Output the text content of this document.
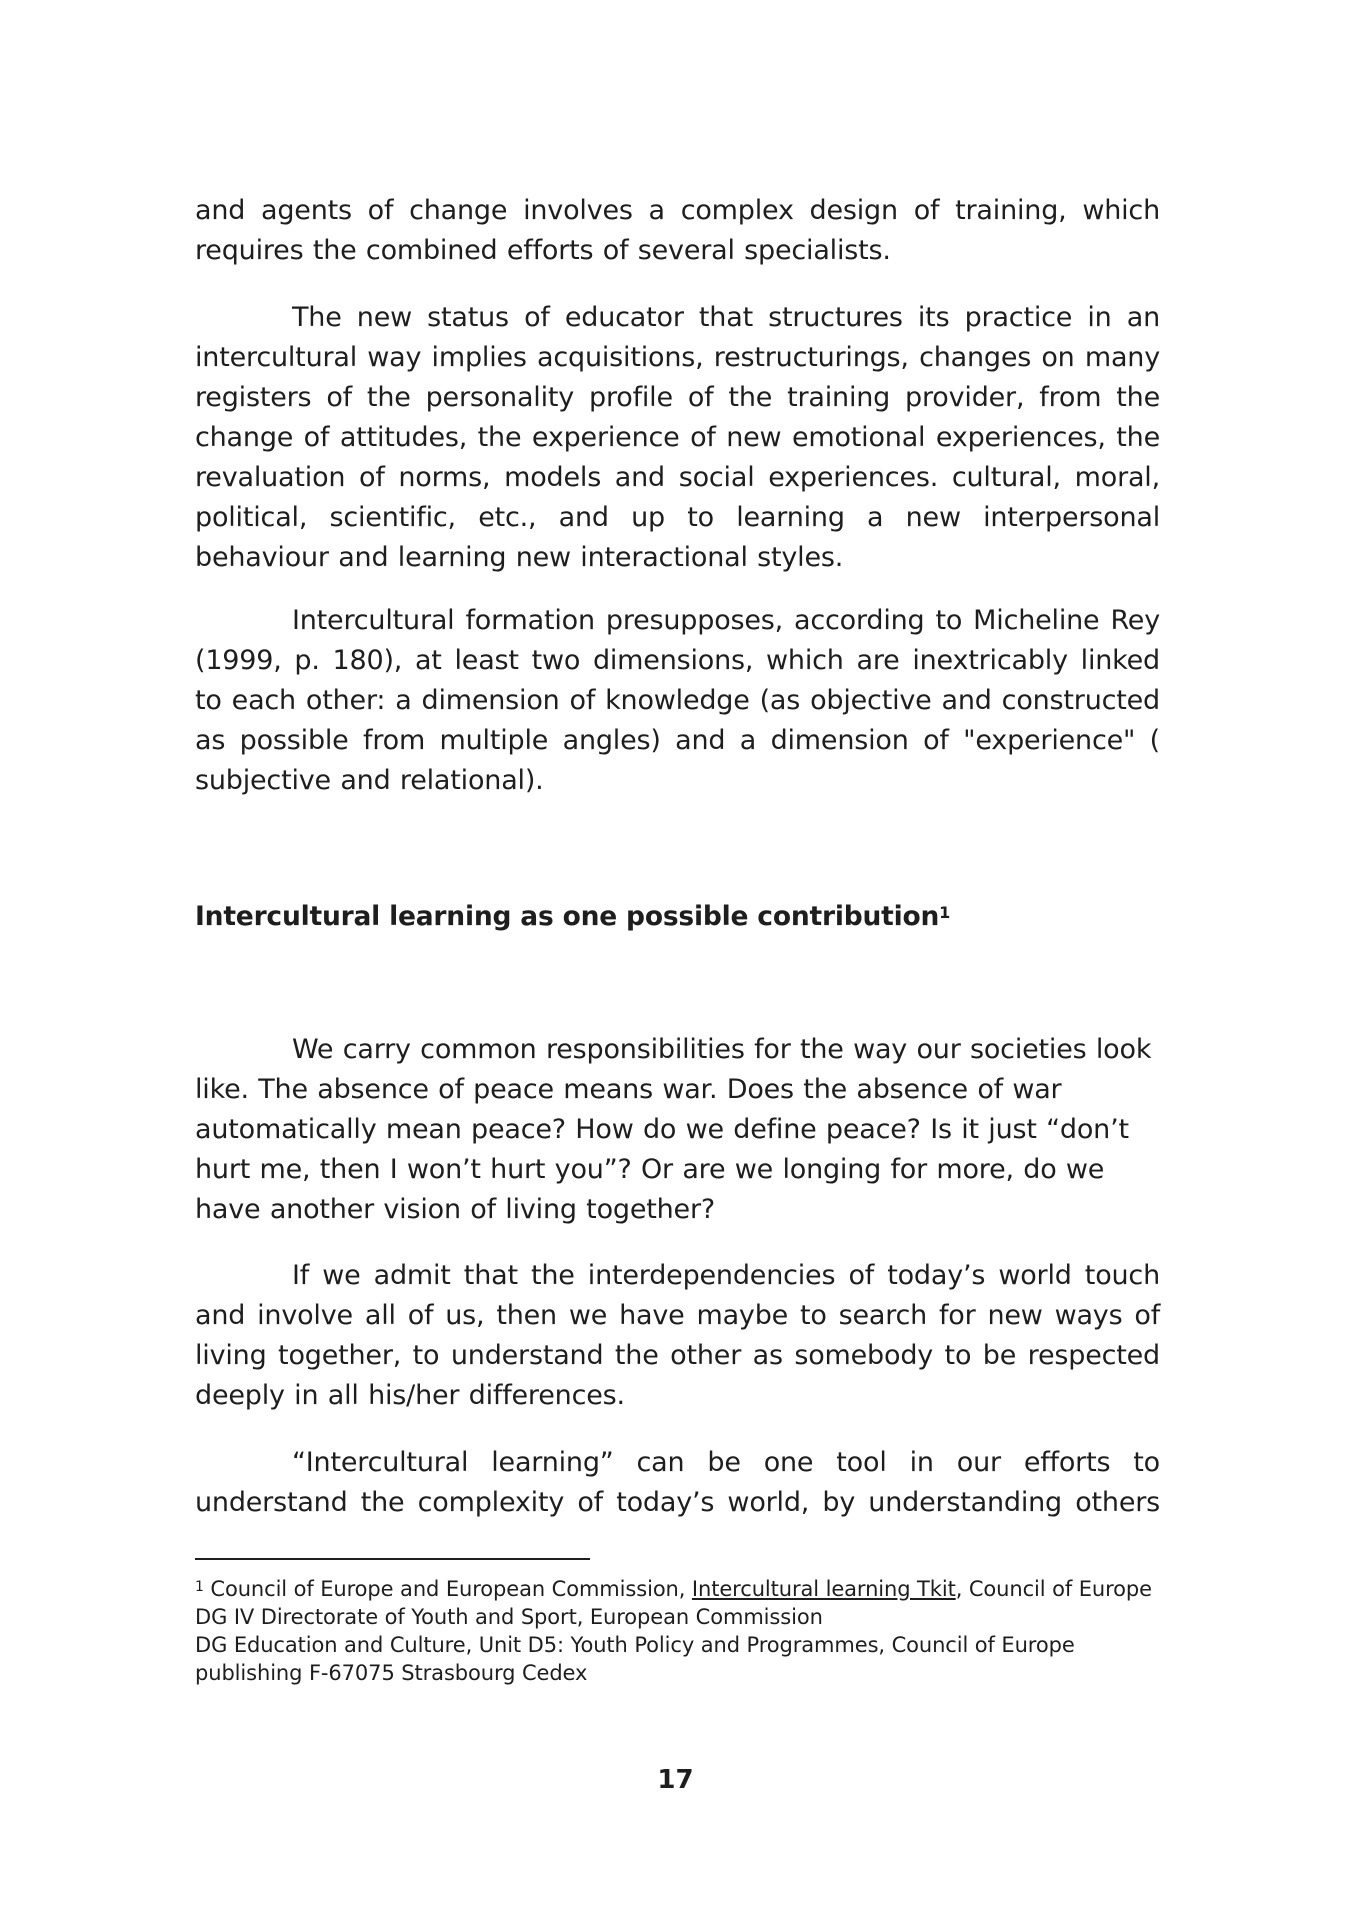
and agents of change involves a complex design of training, which requires the combined efforts of several specialists.

The new status of educator that structures its practice in an intercultural way implies acquisitions, restructurings, changes on many registers of the personality profile of the training provider, from the change of attitudes, the experience of new emotional experiences, the revaluation of norms, models and social experiences. cultural, moral, political, scientific, etc., and up to learning a new interpersonal behaviour and learning new interactional styles.

Intercultural formation presupposes, according to Micheline Rey (1999, p. 180), at least two dimensions, which are inextricably linked to each other: a dimension of knowledge (as objective and constructed as possible from multiple angles) and a dimension of "experience" ( subjective and relational).

Intercultural learning as one possible contribution$^1$

We carry common responsibilities for the way our societies look like. The absence of peace means war. Does the absence of war automatically mean peace? How do we define peace? Is it just “don’t hurt me, then I won’t hurt you”? Or are we longing for more, do we have another vision of living together?

If we admit that the interdependencies of today’s world touch and involve all of us, then we have maybe to search for new ways of living together, to understand the other as somebody to be respected deeply in all his/her differences.

“Intercultural learning” can be one tool in our efforts to understand the complexity of today’s world, by understanding others

$^1$ Council of Europe and European Commission, Intercultural learning Tkit, Council of Europe DG IV Directorate of Youth and Sport, European Commission
DG Education and Culture, Unit D5: Youth Policy and Programmes, Council of Europe publishing F-67075 Strasbourg Cedex

17
